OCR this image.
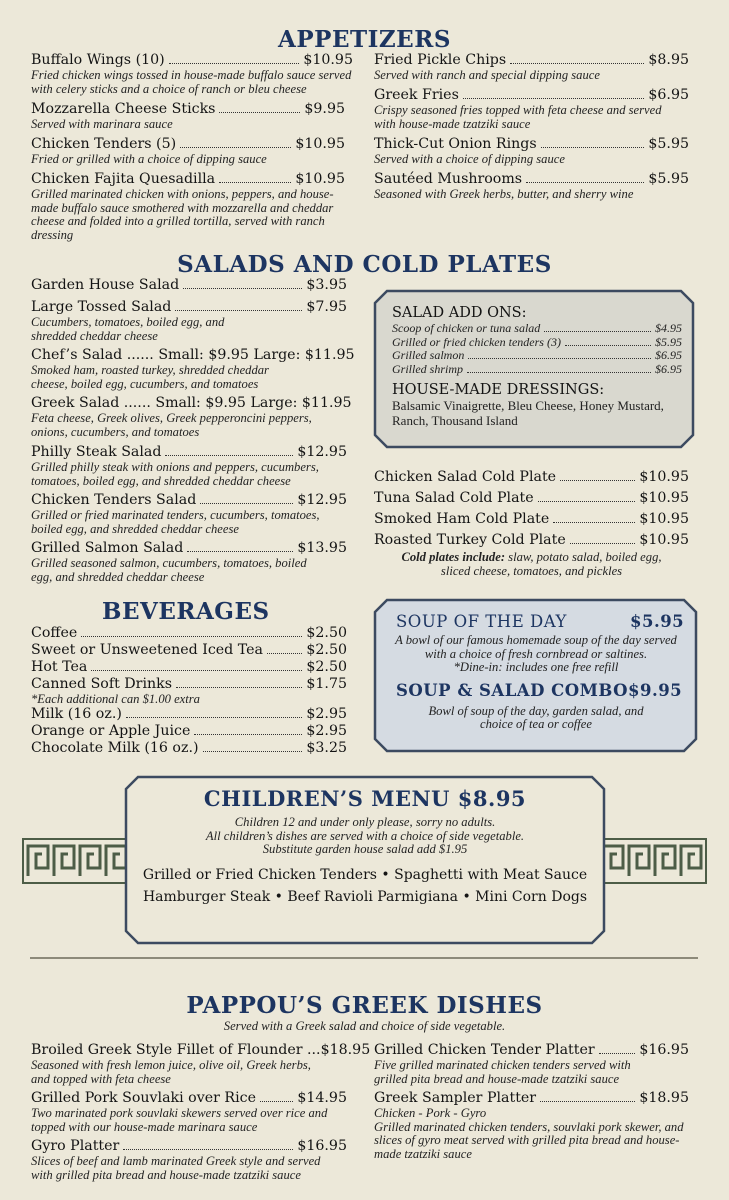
APPETIZERS
Buffalo Wings (10)	$10.95
Fried chicken wings tossed in house-made buffalo sauce served with celery sticks and a choice of ranch or bleu cheese
Mozzarella Cheese Sticks	$9.95
Served with marinara sauce
Chicken Tenders (5)	$10.95
Fried or grilled with a choice of dipping sauce
Chicken Fajita Quesadilla	$10.95
Grilled marinated chicken with onions, peppers, and house-made buffalo sauce smothered with mozzarella and cheddar cheese and folded into a grilled tortilla, served with ranch dressing
Fried Pickle Chips	$8.95
Served with ranch and special dipping sauce
Greek Fries	$6.95
Crispy seasoned fries topped with feta cheese and served with house-made tzatziki sauce
Thick-Cut Onion Rings	$5.95
Served with a choice of dipping sauce
Sautéed Mushrooms	$5.95
Seasoned with Greek herbs, butter, and sherry wine
SALADS AND COLD PLATES
Garden House Salad	$3.95
Large Tossed Salad	$7.95
Cucumbers, tomatoes, boiled egg, and shredded cheddar cheese
Chef’s Salad ...... Small: $9.95 Large: $11.95
Smoked ham, roasted turkey, shredded cheddar cheese, boiled egg, cucumbers, and tomatoes
Greek Salad ...... Small: $9.95 Large: $11.95
Feta cheese, Greek olives, Greek pepperoncini peppers, onions, cucumbers, and tomatoes
Philly Steak Salad	$12.95
Grilled philly steak with onions and peppers, cucumbers, tomatoes, boiled egg, and shredded cheddar cheese
Chicken Tenders Salad	$12.95
Grilled or fried marinated tenders, cucumbers, tomatoes, boiled egg, and shredded cheddar cheese
Grilled Salmon Salad	$13.95
Grilled seasoned salmon, cucumbers, tomatoes, boiled egg, and shredded cheddar cheese
SALAD ADD ONS:
Scoop of chicken or tuna salad	$4.95
Grilled or fried chicken tenders (3)	$5.95
Grilled salmon	$6.95
Grilled shrimp	$6.95
HOUSE-MADE DRESSINGS:
Balsamic Vinaigrette, Bleu Cheese, Honey Mustard, Ranch, Thousand Island
Chicken Salad Cold Plate	$10.95
Tuna Salad Cold Plate	$10.95
Smoked Ham Cold Plate	$10.95
Roasted Turkey Cold Plate	$10.95
Cold plates include: slaw, potato salad, boiled egg,
sliced cheese, tomatoes, and pickles
BEVERAGES
Coffee	$2.50
Sweet or Unsweetened Iced Tea	$2.50
Hot Tea	$2.50
Canned Soft Drinks	$1.75
*Each additional can $1.00 extra
Milk (16 oz.)	$2.95
Orange or Apple Juice	$2.95
Chocolate Milk (16 oz.)	$3.25
SOUP OF THE DAY	$5.95
A bowl of our famous homemade soup of the day served
with a choice of fresh cornbread or saltines.
*Dine-in: includes one free refill
SOUP & SALAD COMBO $9.95
Bowl of soup of the day, garden salad, and
choice of tea or coffee
CHILDREN’S MENU $8.95
Children 12 and under only please, sorry no adults.
All children’s dishes are served with a choice of side vegetable.
Substitute garden house salad add $1.95
Grilled or Fried Chicken Tenders • Spaghetti with Meat Sauce
Hamburger Steak • Beef Ravioli Parmigiana • Mini Corn Dogs
PAPPOU’S GREEK DISHES
Served with a Greek salad and choice of side vegetable.
Broiled Greek Style Fillet of Flounder ... $18.95
Seasoned with fresh lemon juice, olive oil, Greek herbs, and topped with feta cheese
Grilled Pork Souvlaki over Rice	$14.95
Two marinated pork souvlaki skewers served over rice and topped with our house-made marinara sauce
Gyro Platter	$16.95
Slices of beef and lamb marinated Greek style and served with grilled pita bread and house-made tzatziki sauce
Grilled Chicken Tender Platter	$16.95
Five grilled marinated chicken tenders served with grilled pita bread and house-made tzatziki sauce
Greek Sampler Platter	$18.95
Chicken - Pork - Gyro
Grilled marinated chicken tenders, souvlaki pork skewer, and slices of gyro meat served with grilled pita bread and house-made tzatziki sauce
